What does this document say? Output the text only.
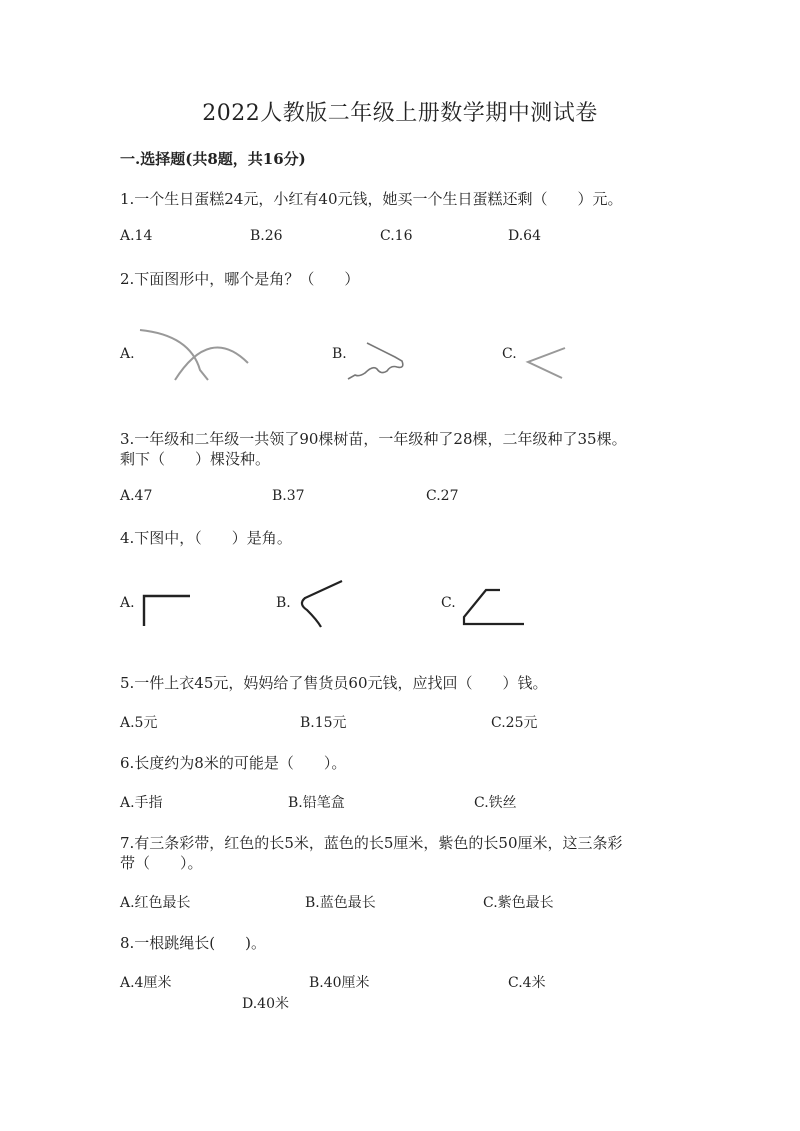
2022人教版二年级上册数学期中测试卷
一.选择题(共8题，共16分)
1.一个生日蛋糕24元，小红有40元钱，她买一个生日蛋糕还剩（　　）元。
A.14	B.26	C.16	D.64
2.下面图形中，哪个是角？（　　）
A.	B.	C.
3.一年级和二年级一共领了90棵树苗，一年级种了28棵，二年级种了35棵。
剩下（　　）棵没种。
A.47	B.37	C.27
4.下图中，（　　）是角。
A.	B.	C.
5.一件上衣45元，妈妈给了售货员60元钱，应找回（　　）钱。
A.5元	B.15元	C.25元
6.长度约为8米的可能是（　　）。
A.手指	B.铅笔盒	C.铁丝
7.有三条彩带，红色的长5米，蓝色的长5厘米，紫色的长50厘米，这三条彩
带（　　）。
A.红色最长	B.蓝色最长	C.紫色最长
8.一根跳绳长(　　)。
A.4厘米	B.40厘米	C.4米
D.40米
